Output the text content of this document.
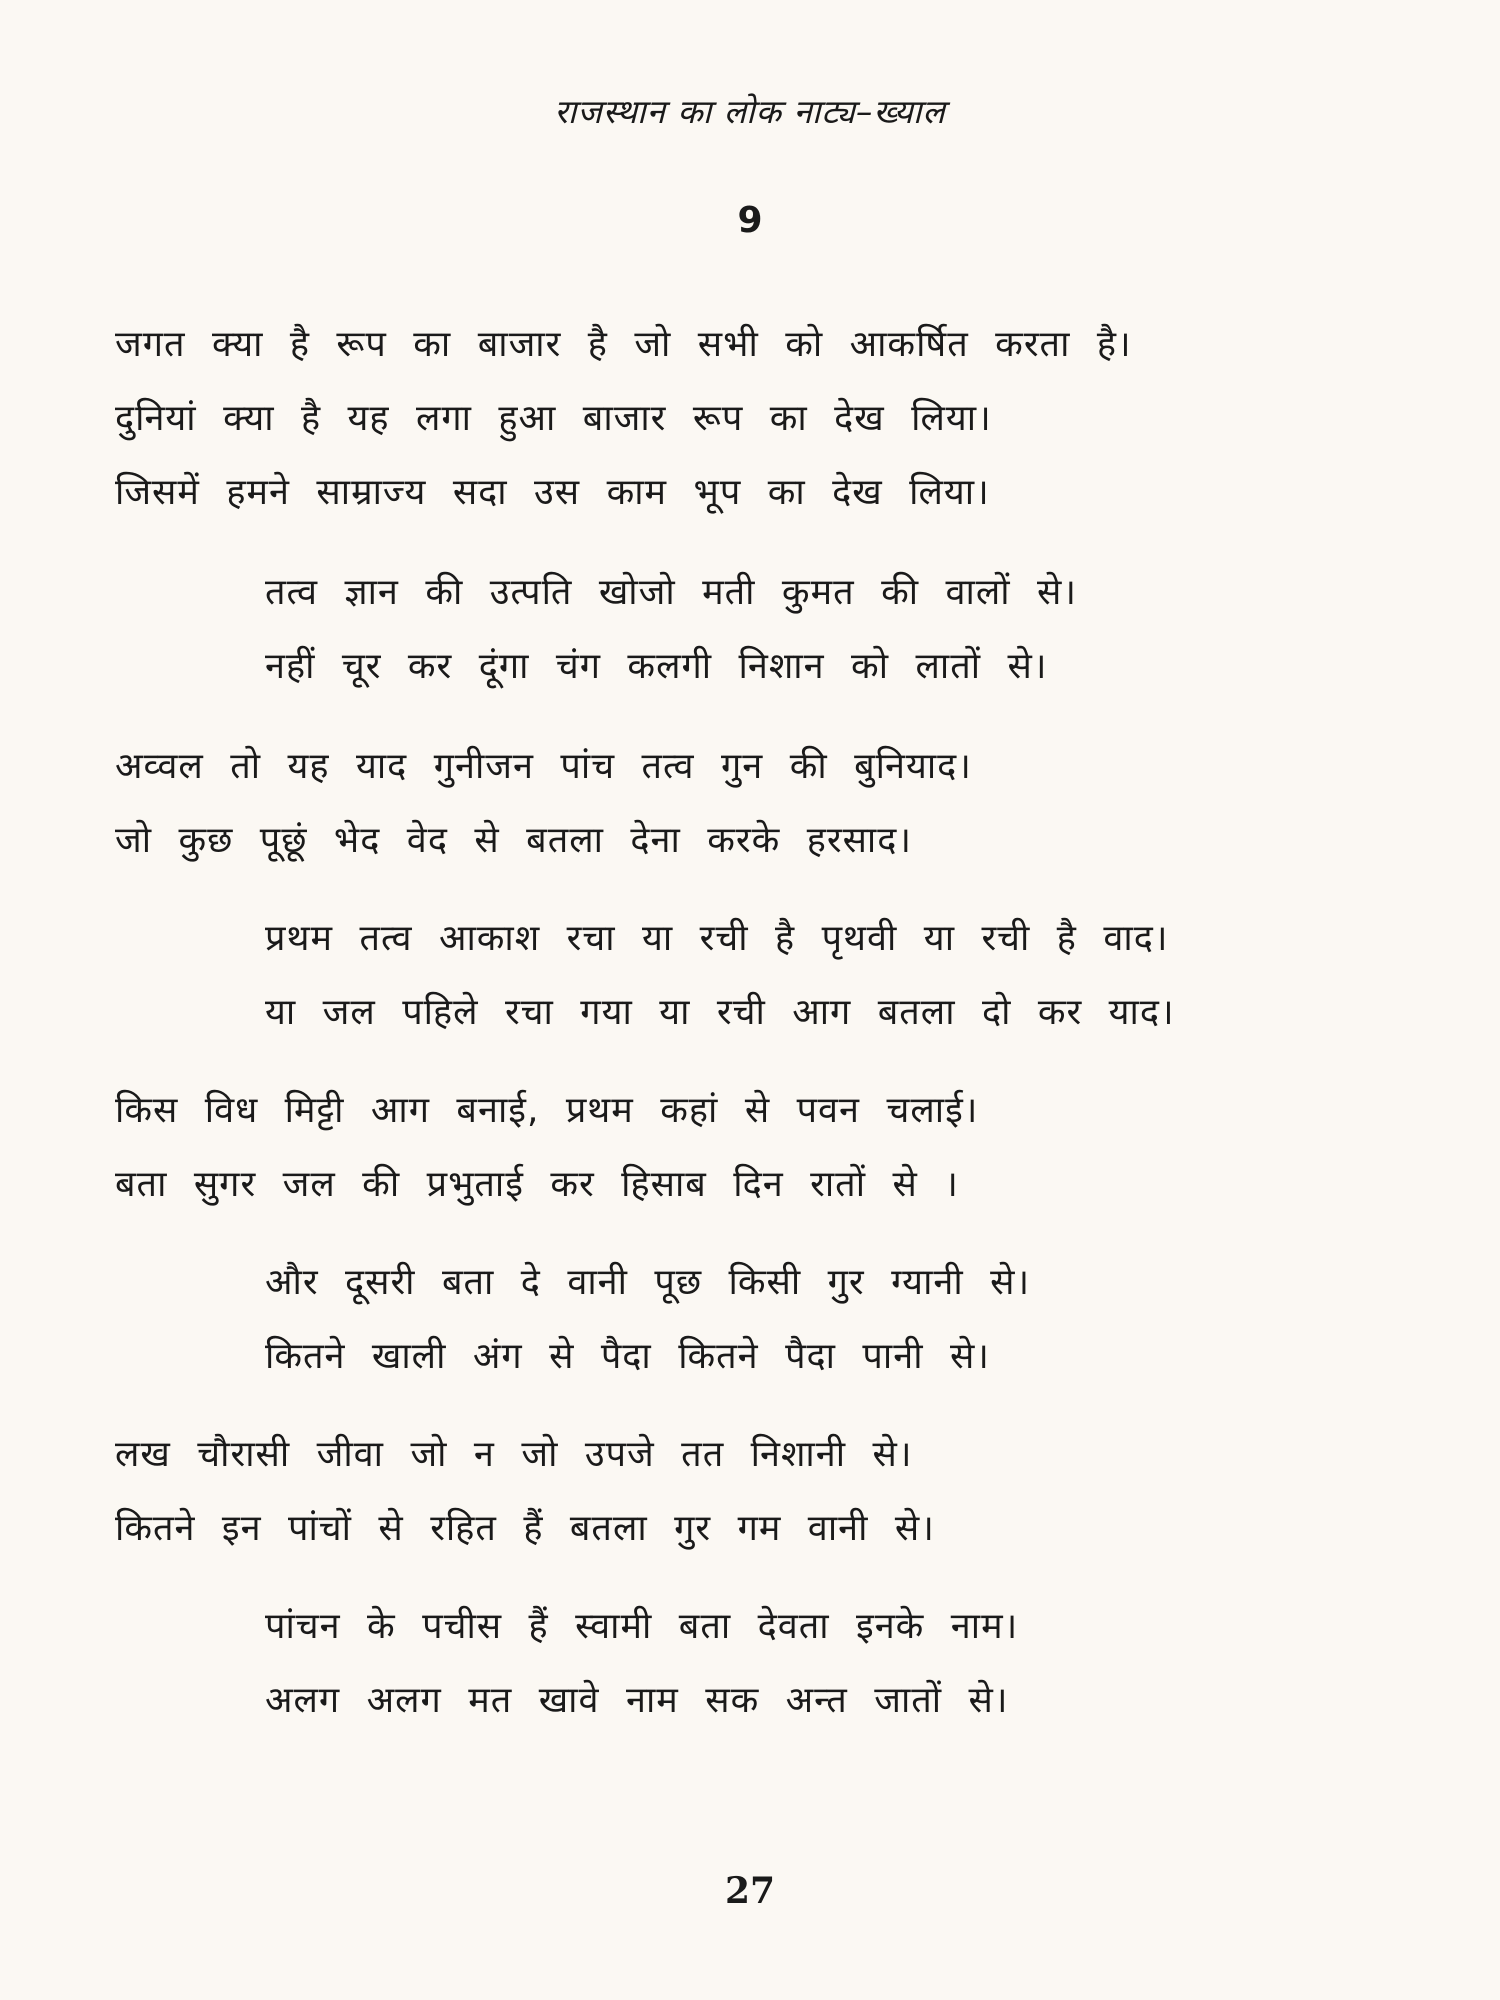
राजस्थान का लोक नाट्य–ख्याल
9
जगत क्या है रूप का बाजार है जो सभी को आकर्षित करता है।
दुनियां क्या है यह लगा हुआ बाजार रूप का देख लिया।
जिसमें हमने साम्राज्य सदा उस काम भूप का देख लिया।
तत्व ज्ञान की उत्पति खोजो मती कुमत की वालों से।
नहीं चूर कर दूंगा चंग कलगी निशान को लातों से।
अव्वल तो यह याद गुनीजन पांच तत्व गुन की बुनियाद।
जो कुछ पूछूं भेद वेद से बतला देना करके हरसाद।
प्रथम तत्व आकाश रचा या रची है पृथवी या रची है वाद।
या जल पहिले रचा गया या रची आग बतला दो कर याद।
किस विध मिट्टी आग बनाई, प्रथम कहां से पवन चलाई।
बता सुगर जल की प्रभुताई कर हिसाब दिन रातों से ।
और दूसरी बता दे वानी पूछ किसी गुर ग्यानी से।
कितने खाली अंग से पैदा कितने पैदा पानी से।
लख चौरासी जीवा जो न जो उपजे तत निशानी से।
कितने इन पांचों से रहित हैं बतला गुर गम वानी से।
पांचन के पचीस हैं स्वामी बता देवता इनके नाम।
अलग अलग मत खावे नाम सक अन्त जातों से।
27
